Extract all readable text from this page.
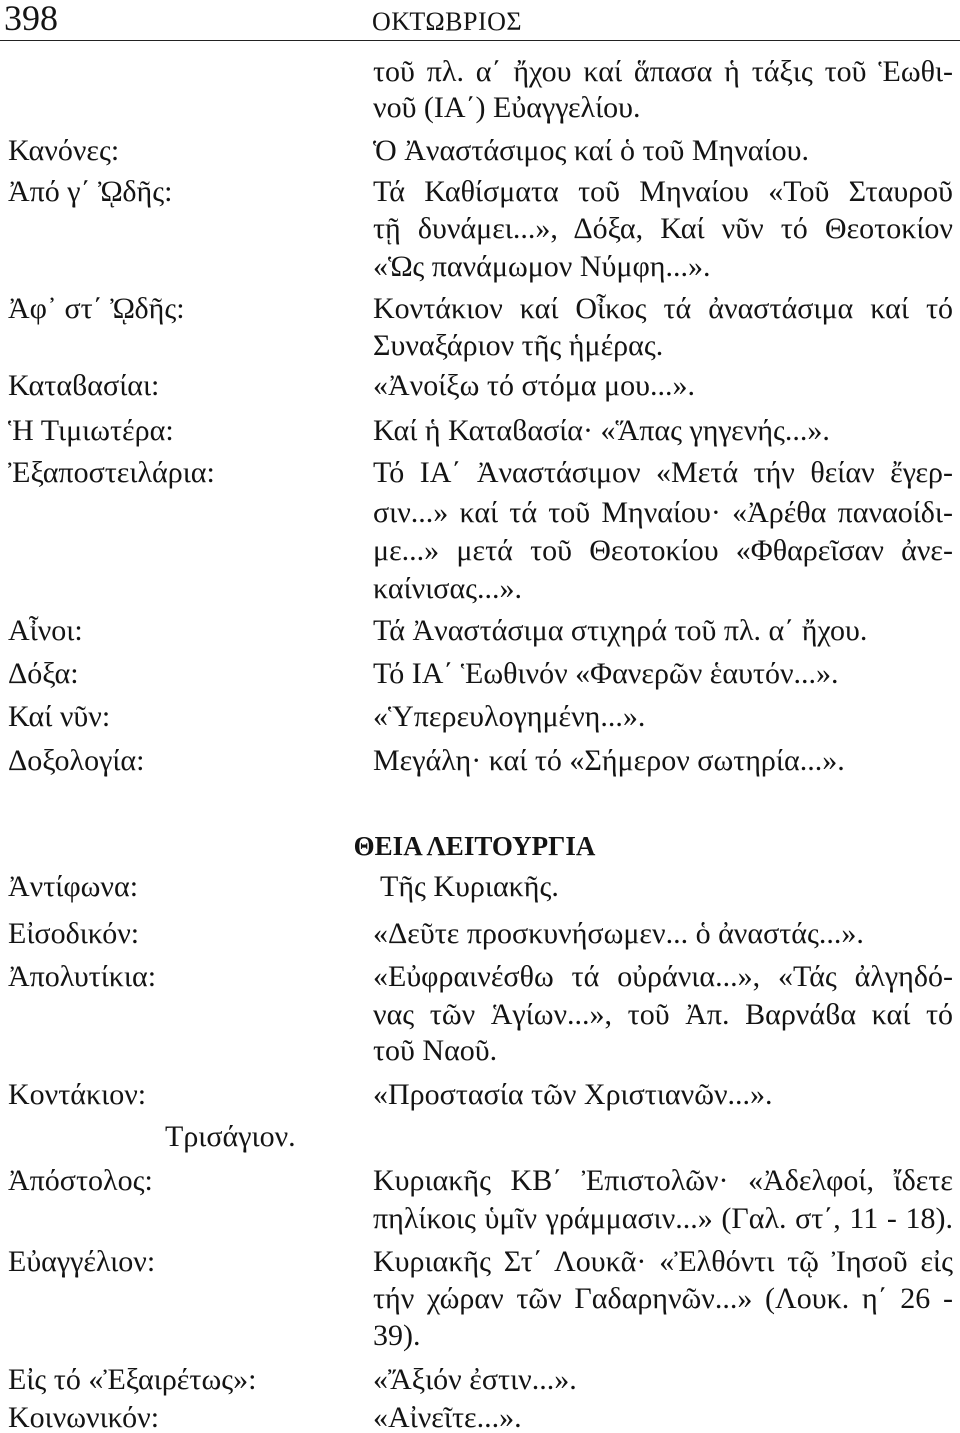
398	ΟΚΤΩΒΡΙΟΣ
τοῦ πλ. α΄ ἤχου καί ἅπασα ἡ τάξις τοῦ Ἑωθι-
νοῦ (ΙΑ΄) Εὐαγγελίου.
Κανόνες:	Ὁ Ἀναστάσιμος καί ὁ τοῦ Μηναίου.
Ἀπό γ΄ ᾨδῆς:	Τά Καθίσματα τοῦ Μηναίου «Τοῦ Σταυροῦ
τῇ δυνάμει...», Δόξα, Καί νῦν τό Θεοτοκίον
«Ὡς πανάμωμον Νύμφη...».
Ἀφ᾽ στ΄ ᾨδῆς:	Κοντάκιον καί Οἶκος τά ἀναστάσιμα καί τό
Συναξάριον τῆς ἡμέρας.
Καταϐασίαι:	«Ἀνοίξω τό στόμα μου...».
Ἡ Τιμιωτέρα:	Καί ἡ Καταϐασία· «Ἅπας γηγενής...».
Ἐξαποστειλάρια:	Τό ΙΑ΄ Ἀναστάσιμον «Μετά τήν θείαν ἔγερ-
σιν...» καί τά τοῦ Μηναίου· «Ἀρέθα παναοίδι-
με...» μετά τοῦ Θεοτοκίου «Φθαρεῖσαν ἀνε-
καίνισας...».
Αἶνοι:	Τά Ἀναστάσιμα στιχηρά τοῦ πλ. α΄ ἤχου.
Δόξα:	Τό ΙΑ΄ Ἑωθινόν «Φανερῶν ἑαυτόν...».
Καί νῦν:	«Ὑπερευλογημένη...».
Δοξολογία:	Μεγάλη· καί τό «Σήμερον σωτηρία...».
ΘΕΙΑ ΛΕΙΤΟΥΡΓΙΑ
Ἀντίφωνα:	Τῆς Κυριακῆς.
Εἰσοδικόν:	«Δεῦτε προσκυνήσωμεν... ὁ ἀναστάς...».
Ἀπολυτίκια:	«Εὐφραινέσθω τά οὐράνια...», «Τάς ἀλγηδό-
νας τῶν Ἁγίων...», τοῦ Ἀπ. Βαρνάϐα καί τό
τοῦ Ναοῦ.
Κοντάκιον:	«Προστασία τῶν Χριστιανῶν...».
Τρισάγιον.
Ἀπόστολος:	Κυριακῆς ΚΒ΄ Ἐπιστολῶν· «Ἀδελφοί, ἴδετε
πηλίκοις ὑμῖν γράμμασιν...» (Γαλ. στ΄, 11 - 18).
Εὐαγγέλιον:	Κυριακῆς Στ΄ Λουκᾶ· «Ἐλθόντι τῷ Ἰησοῦ εἰς
τήν χώραν τῶν Γαδαρηνῶν...» (Λουκ. η΄ 26 -
39).
Εἰς τό «Ἐξαιρέτως»:	«Ἄξιόν ἐστιν...».
Κοινωνικόν:	«Αἰνεῖτε...».
